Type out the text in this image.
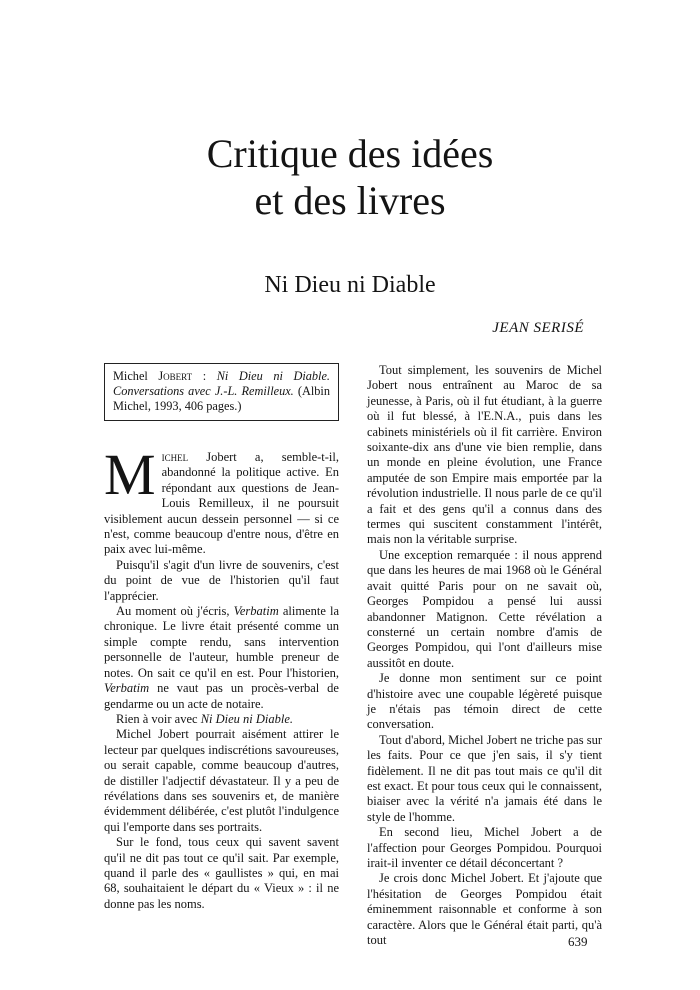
Critique des idées
et des livres
Ni Dieu ni Diable
JEAN SERISÉ

Michel Jobert : Ni Dieu ni Diable. Conversations avec J.-L. Remilleux. (Albin Michel, 1993, 406 pages.)

Michel Jobert a, semble-t-il, abandonné la politique active. En répondant aux questions de Jean-Louis Remilleux, il ne poursuit visiblement aucun dessein personnel — si ce n'est, comme beaucoup d'entre nous, d'être en paix avec lui-même.

Puisqu'il s'agit d'un livre de souvenirs, c'est du point de vue de l'historien qu'il faut l'apprécier.

Au moment où j'écris, Verbatim alimente la chronique. Le livre était présenté comme un simple compte rendu, sans intervention personnelle de l'auteur, humble preneur de notes. On sait ce qu'il en est. Pour l'historien, Verbatim ne vaut pas un procès-verbal de gendarme ou un acte de notaire.

Rien à voir avec Ni Dieu ni Diable.

Michel Jobert pourrait aisément attirer le lecteur par quelques indiscrétions savoureuses, ou serait capable, comme beaucoup d'autres, de distiller l'adjectif dévastateur. Il y a peu de révélations dans ses souvenirs et, de manière évidemment délibérée, c'est plutôt l'indulgence qui l'emporte dans ses portraits.

Sur le fond, tous ceux qui savent savent qu'il ne dit pas tout ce qu'il sait. Par exemple, quand il parle des « gaullistes » qui, en mai 68, souhaitaient le départ du « Vieux » : il ne donne pas les noms.

Tout simplement, les souvenirs de Michel Jobert nous entraînent au Maroc de sa jeunesse, à Paris, où il fut étudiant, à la guerre où il fut blessé, à l'E.N.A., puis dans les cabinets ministériels où il fit carrière. Environ soixante-dix ans d'une vie bien remplie, dans un monde en pleine évolution, une France amputée de son Empire mais emportée par la révolution industrielle. Il nous parle de ce qu'il a fait et des gens qu'il a connus dans des termes qui suscitent constamment l'intérêt, mais non la véritable surprise.

Une exception remarquée : il nous apprend que dans les heures de mai 1968 où le Général avait quitté Paris pour on ne savait où, Georges Pompidou a pensé lui aussi abandonner Matignon. Cette révélation a consterné un certain nombre d'amis de Georges Pompidou, qui l'ont d'ailleurs mise aussitôt en doute.

Je donne mon sentiment sur ce point d'histoire avec une coupable légèreté puisque je n'étais pas témoin direct de cette conversation.

Tout d'abord, Michel Jobert ne triche pas sur les faits. Pour ce que j'en sais, il s'y tient fidèlement. Il ne dit pas tout mais ce qu'il dit est exact. Et pour tous ceux qui le connaissent, biaiser avec la vérité n'a jamais été dans le style de l'homme.

En second lieu, Michel Jobert a de l'affection pour Georges Pompidou. Pourquoi irait-il inventer ce détail déconcertant ?

Je crois donc Michel Jobert. Et j'ajoute que l'hésitation de Georges Pompidou était éminemment raisonnable et conforme à son caractère. Alors que le Général était parti, qu'à tout	639
